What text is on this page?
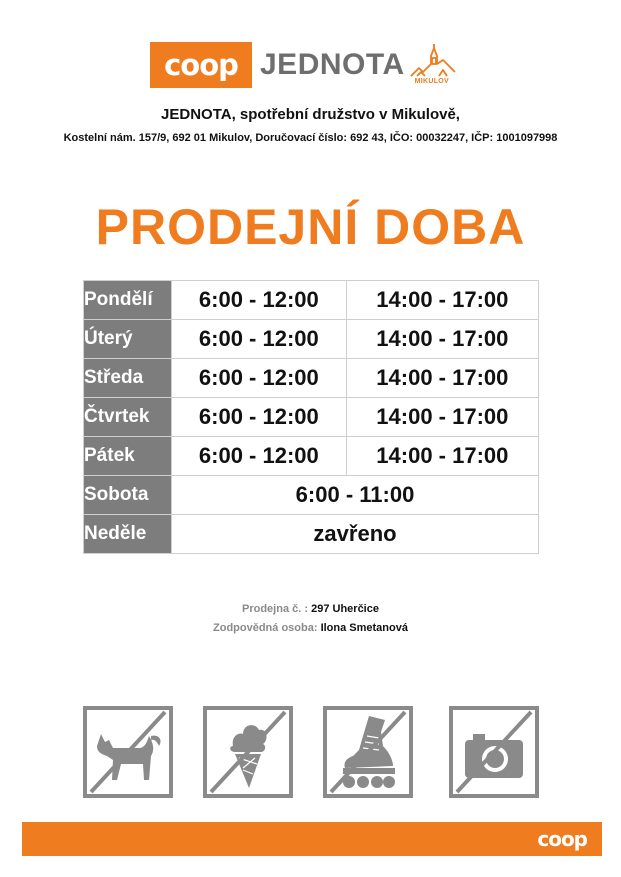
coop JEDNOTA
MIKULOV
JEDNOTA, spotřební družstvo v Mikulově,
Kostelní nám. 157/9, 692 01 Mikulov, Doručovací číslo: 692 43, IČO: 00032247, IČP: 1001097998
PRODEJNÍ DOBA
Pondělí	6:00 - 12:00	14:00 - 17:00
Úterý	6:00 - 12:00	14:00 - 17:00
Středa	6:00 - 12:00	14:00 - 17:00
Čtvrtek	6:00 - 12:00	14:00 - 17:00
Pátek	6:00 - 12:00	14:00 - 17:00
Sobota	6:00 - 11:00	
Neděle	zavřeno	
Prodejna č. : 297 Uherčice
Zodpovědná osoba: Ilona Smetanová
coop
